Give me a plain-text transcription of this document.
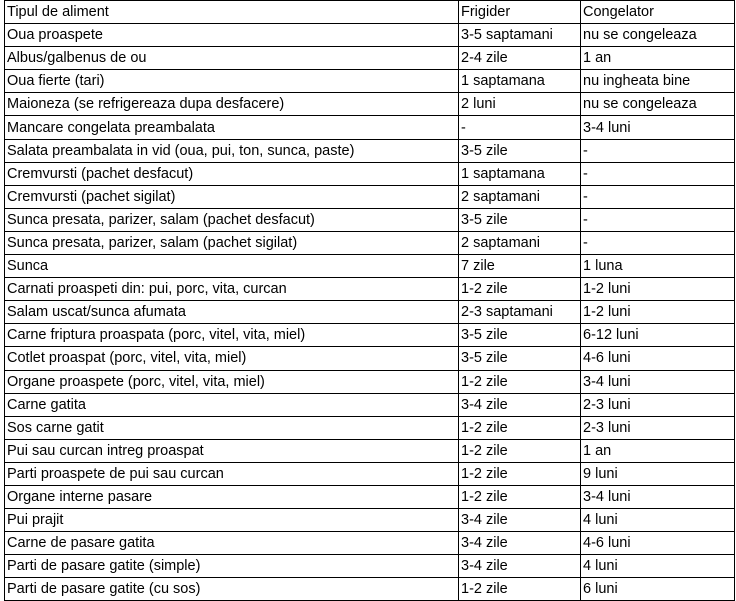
Tipul de aliment	Frigider	Congelator
Oua proaspete	3-5 saptamani	nu se congeleaza
Albus/galbenus de ou	2-4 zile	1 an
Oua fierte (tari)	1 saptamana	nu ingheata bine
Maioneza (se refrigereaza dupa desfacere)	2 luni	nu se congeleaza
Mancare congelata preambalata	-	3-4 luni
Salata preambalata in vid (oua, pui, ton, sunca, paste)	3-5 zile	-
Cremvursti (pachet desfacut)	1 saptamana	-
Cremvursti (pachet sigilat)	2 saptamani	-
Sunca presata, parizer, salam (pachet desfacut)	3-5 zile	-
Sunca presata, parizer, salam (pachet sigilat)	2 saptamani	-
Sunca	7 zile	1 luna
Carnati proaspeti din: pui, porc, vita, curcan	1-2 zile	1-2 luni
Salam uscat/sunca afumata	2-3 saptamani	1-2 luni
Carne friptura proaspata (porc, vitel, vita, miel)	3-5 zile	6-12 luni
Cotlet proaspat (porc, vitel, vita, miel)	3-5 zile	4-6 luni
Organe proaspete (porc, vitel, vita, miel)	1-2 zile	3-4 luni
Carne gatita	3-4 zile	2-3 luni
Sos carne gatit	1-2 zile	2-3 luni
Pui sau curcan intreg proaspat	1-2 zile	1 an
Parti proaspete de pui sau curcan	1-2 zile	9 luni
Organe interne pasare	1-2 zile	3-4 luni
Pui prajit	3-4 zile	4 luni
Carne de pasare gatita	3-4 zile	4-6 luni
Parti de pasare gatite (simple)	3-4 zile	4 luni
Parti de pasare gatite (cu sos)	1-2 zile	6 luni
